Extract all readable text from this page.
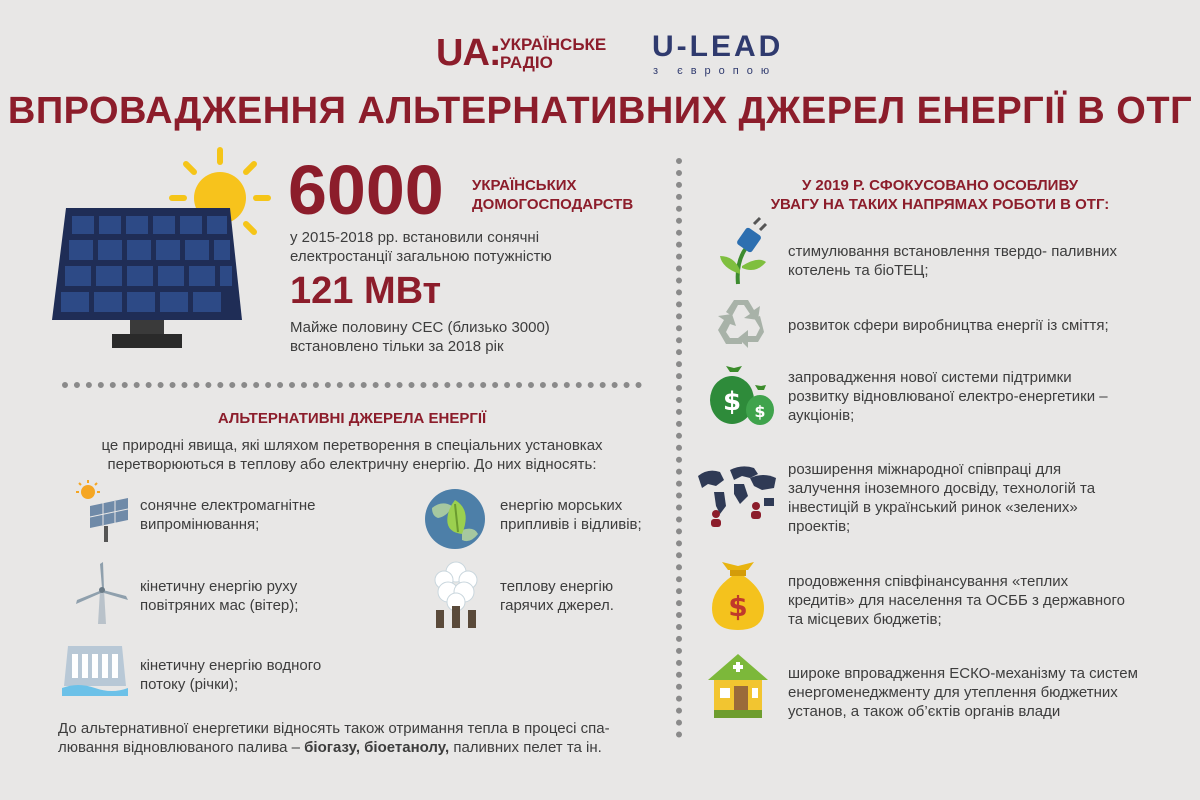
UA: УКРАЇНСЬКЕ
РАДІО	U-LEAD
з європою
ВПРОВАДЖЕННЯ АЛЬТЕРНАТИВНИХ ДЖЕРЕЛ ЕНЕРГІЇ В ОТГ
6000 УКРАЇНСЬКИХ
ДОМОГОСПОДАРСТВ
у 2015-2018 рр. встановили сонячні
електростанції загальною потужністю
121 МВт
Майже половину СЕС (близько 3000)
встановлено тільки за 2018 рік
АЛЬТЕРНАТИВНІ ДЖЕРЕЛА ЕНЕРГІЇ
це природні явища, які шляхом перетворення в спеціальних установках
перетворюються в теплову або електричну енергію. До них відносять:
сонячне електромагнітне
випромінювання;
кінетичну енергію руху
повітряних мас (вітер);
кінетичну енергію водного
потоку (річки);
енергію морських
припливів і відливів;
теплову енергію
гарячих джерел.
До альтернативної енергетики відносять також отримання тепла в процесі спа-
лювання відновлюваного палива – біогазу, біоетанолу, паливних пелет та ін.
У 2019 Р. СФОКУСОВАНО ОСОБЛИВУ
УВАГУ НА ТАКИХ НАПРЯМАХ РОБОТИ В ОТГ:
стимулювання встановлення твердо- паливних
котелень та біоТЕЦ;
розвиток сфери виробництва енергії із сміття;
$ $
запровадження нової системи підтримки
розвитку відновлюваної електро-енергетики –
аукціонів;
розширення міжнародної співпраці для
залучення іноземного досвіду, технологій та
інвестицій в український ринок «зелених»
проектів;
$
продовження співфінансування «теплих
кредитів» для населення та ОСББ з державного
та місцевих бюджетів;
широке впровадження ЕСКО-механізму та систем
енергоменеджменту для утеплення бюджетних
установ, а також об’єктів органів влади
